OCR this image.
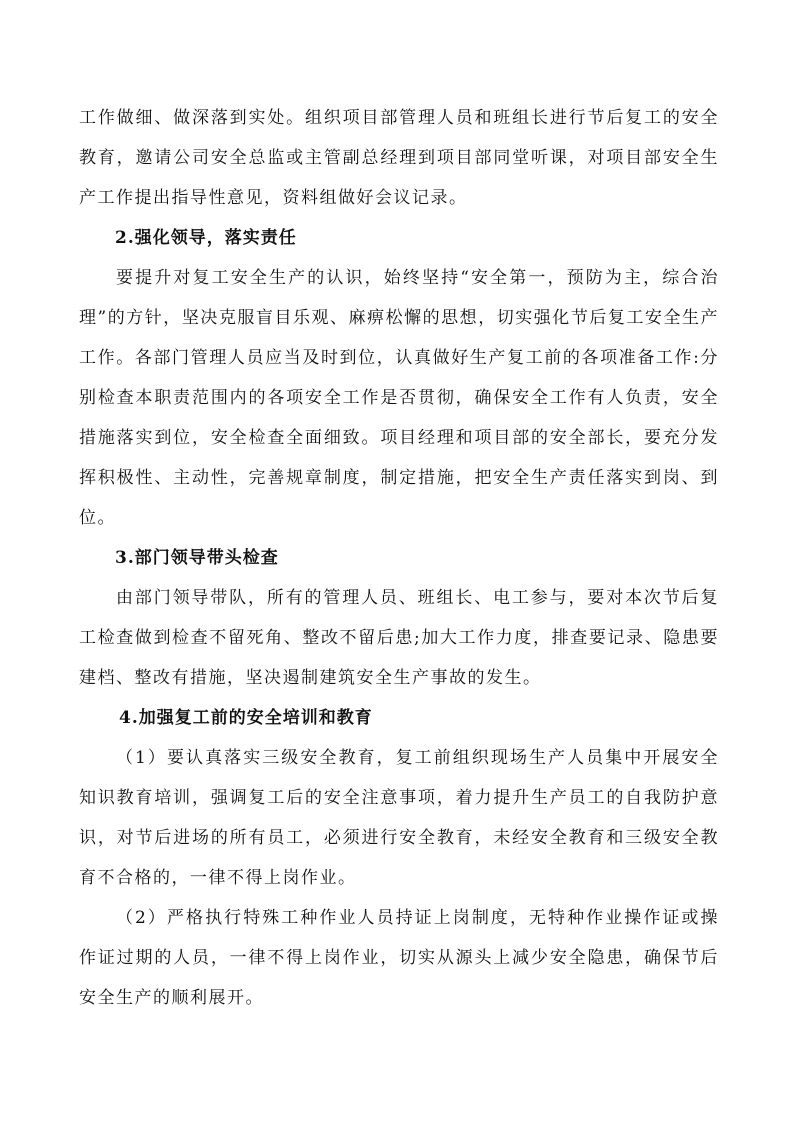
工作做细、做深落到实处。组织项目部管理人员和班组长进行节后复工的安全教育，邀请公司安全总监或主管副总经理到项目部同堂听课，对项目部安全生产工作提出指导性意见，资料组做好会议记录。

2.强化领导，落实责任

要提升对复工安全生产的认识，始终坚持“安全第一，预防为主，综合治理”的方针，坚决克服盲目乐观、麻痹松懈的思想，切实强化节后复工安全生产工作。各部门管理人员应当及时到位，认真做好生产复工前的各项准备工作:分别检查本职责范围内的各项安全工作是否贯彻，确保安全工作有人负责，安全措施落实到位，安全检查全面细致。项目经理和项目部的安全部长，要充分发挥积极性、主动性，完善规章制度，制定措施，把安全生产责任落实到岗、到位。

3.部门领导带头检查

由部门领导带队，所有的管理人员、班组长、电工参与，要对本次节后复工检查做到检查不留死角、整改不留后患;加大工作力度，排查要记录、隐患要建档、整改有措施，坚决遏制建筑安全生产事故的发生。

4.加强复工前的安全培训和教育

（1）要认真落实三级安全教育，复工前组织现场生产人员集中开展安全知识教育培训，强调复工后的安全注意事项，着力提升生产员工的自我防护意识，对节后进场的所有员工，必须进行安全教育，未经安全教育和三级安全教育不合格的，一律不得上岗作业。

（2）严格执行特殊工种作业人员持证上岗制度，无特种作业操作证或操作证过期的人员，一律不得上岗作业，切实从源头上减少安全隐患，确保节后安全生产的顺利展开。
